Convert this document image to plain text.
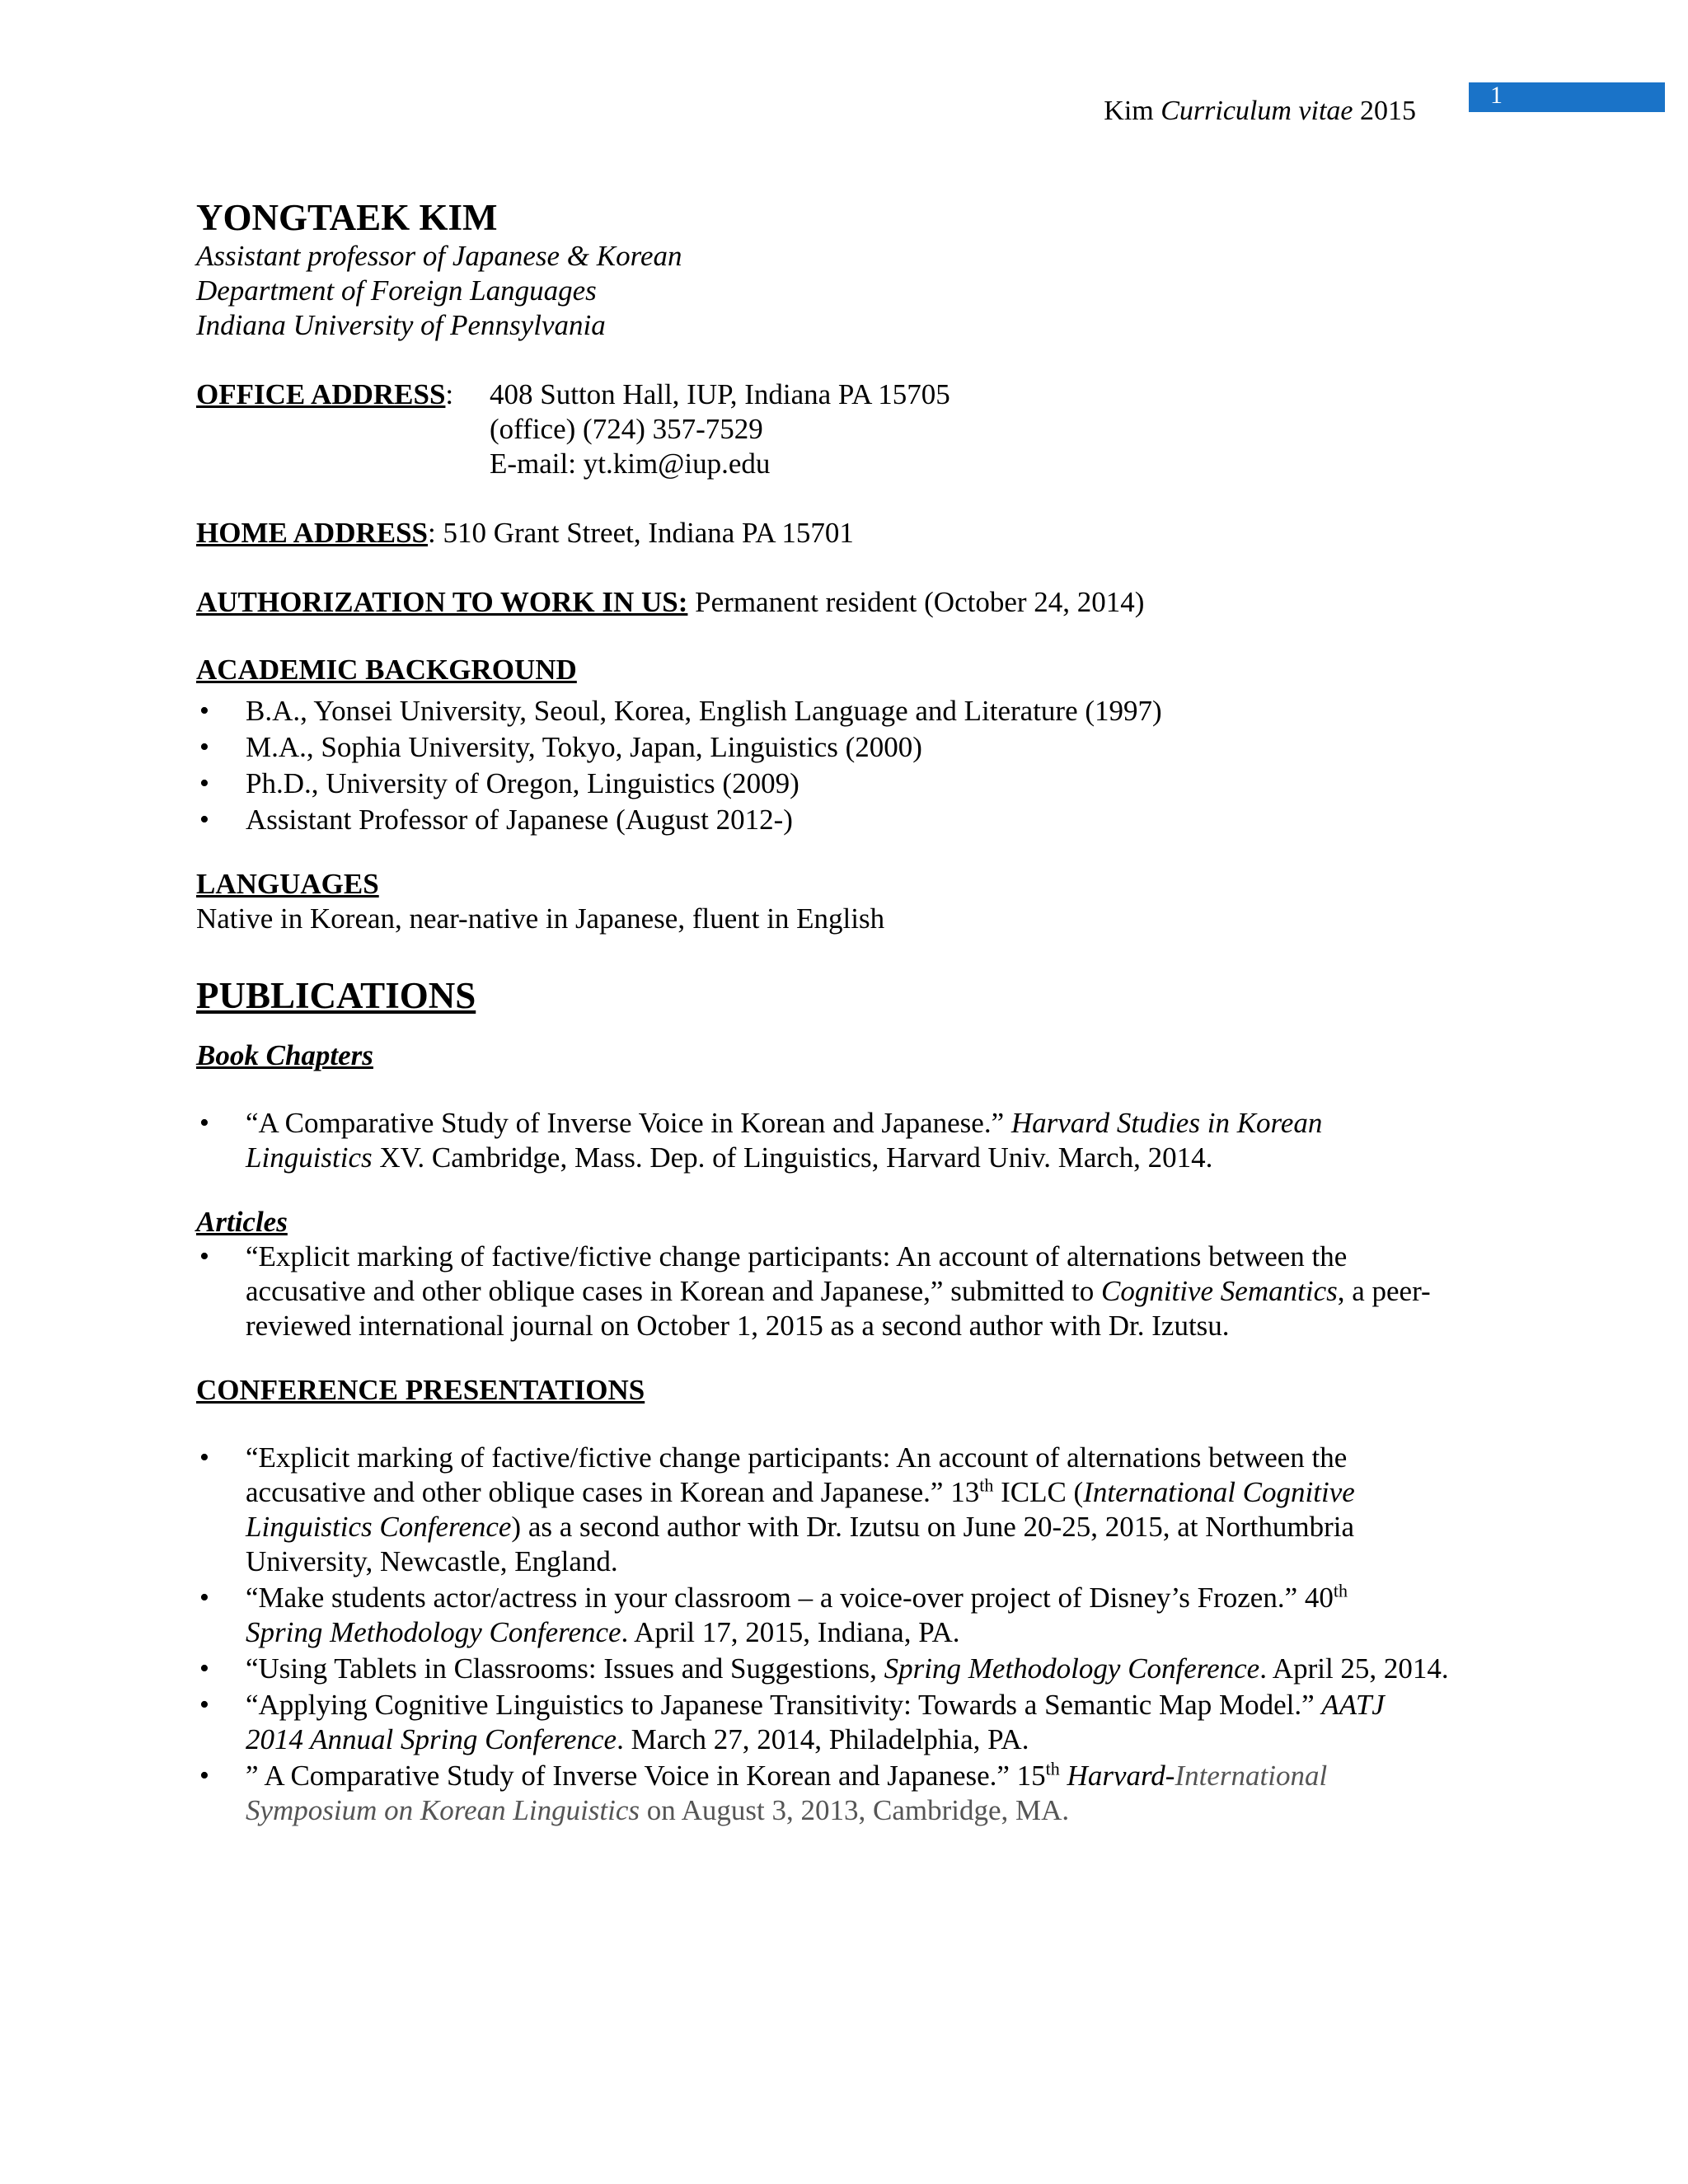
1
Kim Curriculum vitae 2015
YONGTAEK KIM
Assistant professor of Japanese & Korean
Department of Foreign Languages
Indiana University of Pennsylvania
OFFICE ADDRESS:	408 Sutton Hall, IUP, Indiana PA 15705
(office) (724) 357-7529
E-mail: yt.kim@iup.edu
HOME ADDRESS: 510 Grant Street, Indiana PA 15701
AUTHORIZATION TO WORK IN US: Permanent resident (October 24, 2014)
ACADEMIC BACKGROUND
• B.A., Yonsei University, Seoul, Korea, English Language and Literature (1997)
• M.A., Sophia University, Tokyo, Japan, Linguistics (2000)
• Ph.D., University of Oregon, Linguistics (2009)
• Assistant Professor of Japanese (August 2012-)
LANGUAGES
Native in Korean, near-native in Japanese, fluent in English
PUBLICATIONS
Book Chapters
• “A Comparative Study of Inverse Voice in Korean and Japanese.” Harvard Studies in Korean Linguistics XV. Cambridge, Mass. Dep. of Linguistics, Harvard Univ. March, 2014.
Articles
• “Explicit marking of factive/fictive change participants: An account of alternations between the accusative and other oblique cases in Korean and Japanese,” submitted to Cognitive Semantics, a peer-reviewed international journal on October 1, 2015 as a second author with Dr. Izutsu.
CONFERENCE PRESENTATIONS
• “Explicit marking of factive/fictive change participants: An account of alternations between the accusative and other oblique cases in Korean and Japanese.” 13th ICLC (International Cognitive Linguistics Conference) as a second author with Dr. Izutsu on June 20-25, 2015, at Northumbria University, Newcastle, England.
• “Make students actor/actress in your classroom – a voice-over project of Disney’s Frozen.” 40th
Spring Methodology Conference. April 17, 2015, Indiana, PA.
• “Using Tablets in Classrooms: Issues and Suggestions, Spring Methodology Conference. April 25, 2014.
• “Applying Cognitive Linguistics to Japanese Transitivity: Towards a Semantic Map Model.” AATJ 2014 Annual Spring Conference. March 27, 2014, Philadelphia, PA.
• ” A Comparative Study of Inverse Voice in Korean and Japanese.” 15th Harvard-International Symposium on Korean Linguistics on August 3, 2013, Cambridge, MA.
